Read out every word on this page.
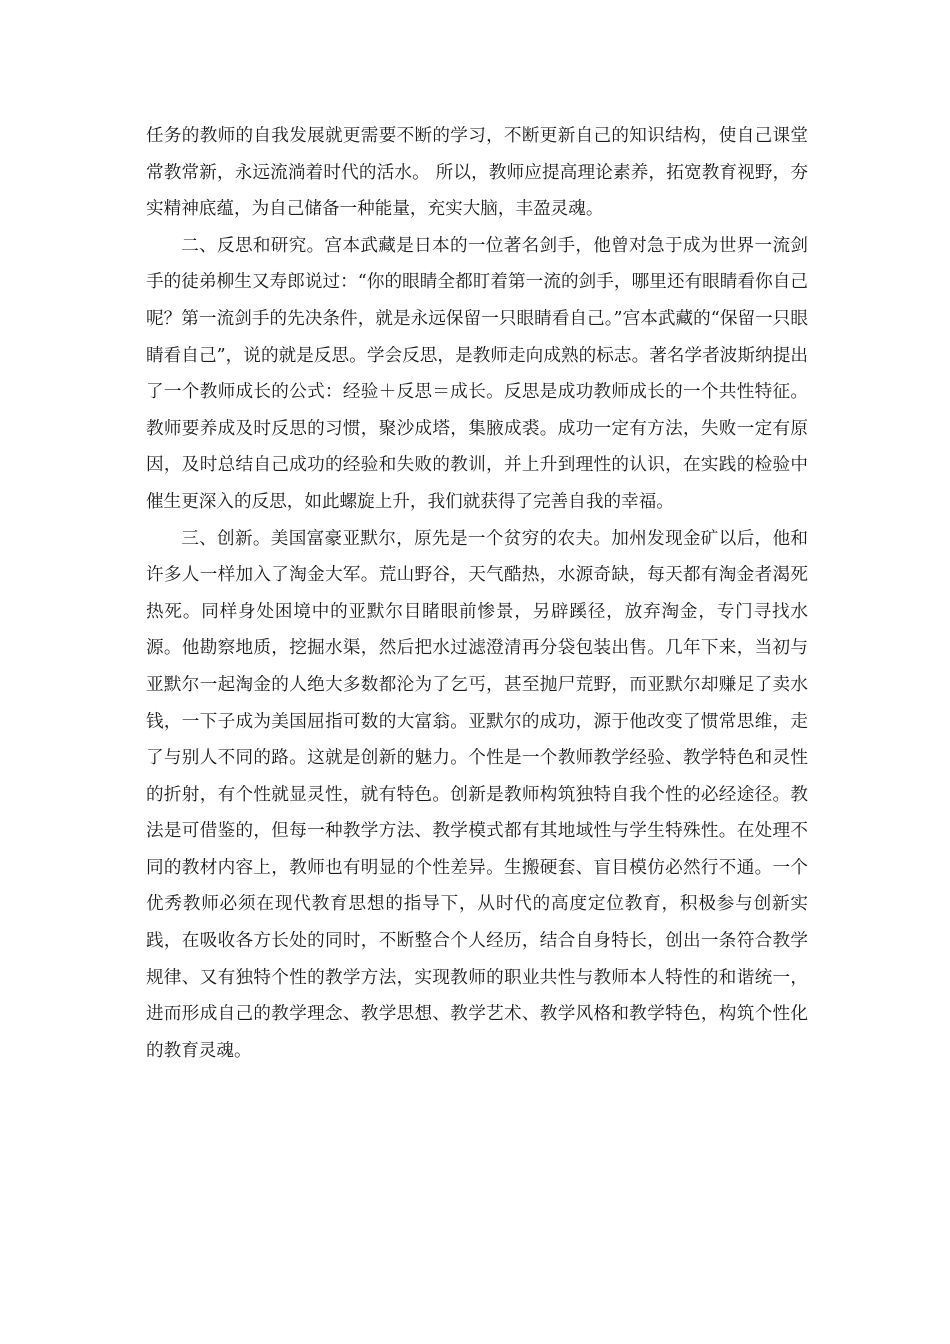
任务的教师的自我发展就更需要不断的学习，不断更新自己的知识结构，使自己课堂常教常新，永远流淌着时代的活水。 所以，教师应提高理论素养，拓宽教育视野，夯实精神底蕴，为自己储备一种能量，充实大脑，丰盈灵魂。

二、反思和研究。宫本武藏是日本的一位著名剑手，他曾对急于成为世界一流剑手的徒弟柳生又寿郎说过：“你的眼睛全都盯着第一流的剑手，哪里还有眼睛看你自己呢？第一流剑手的先决条件，就是永远保留一只眼睛看自己。”宫本武藏的“保留一只眼睛看自己”，说的就是反思。学会反思，是教师走向成熟的标志。著名学者波斯纳提出了一个教师成长的公式：经验＋反思＝成长。反思是成功教师成长的一个共性特征。教师要养成及时反思的习惯，聚沙成塔，集腋成裘。成功一定有方法，失败一定有原因，及时总结自己成功的经验和失败的教训，并上升到理性的认识，在实践的检验中催生更深入的反思，如此螺旋上升，我们就获得了完善自我的幸福。

三、创新。美国富豪亚默尔，原先是一个贫穷的农夫。加州发现金矿以后，他和许多人一样加入了淘金大军。荒山野谷，天气酷热，水源奇缺，每天都有淘金者渴死热死。同样身处困境中的亚默尔目睹眼前惨景，另辟蹊径，放弃淘金，专门寻找水源。他勘察地质，挖掘水渠，然后把水过滤澄清再分袋包装出售。几年下来，当初与亚默尔一起淘金的人绝大多数都沦为了乞丐，甚至抛尸荒野，而亚默尔却赚足了卖水钱，一下子成为美国屈指可数的大富翁。亚默尔的成功，源于他改变了惯常思维，走了与别人不同的路。这就是创新的魅力。个性是一个教师教学经验、教学特色和灵性的折射，有个性就显灵性，就有特色。创新是教师构筑独特自我个性的必经途径。教法是可借鉴的，但每一种教学方法、教学模式都有其地域性与学生特殊性。在处理不同的教材内容上，教师也有明显的个性差异。生搬硬套、盲目模仿必然行不通。一个优秀教师必须在现代教育思想的指导下，从时代的高度定位教育，积极参与创新实践，在吸收各方长处的同时，不断整合个人经历，结合自身特长，创出一条符合教学规律、又有独特个性的教学方法，实现教师的职业共性与教师本人特性的和谐统一，进而形成自己的教学理念、教学思想、教学艺术、教学风格和教学特色，构筑个性化的教育灵魂。
